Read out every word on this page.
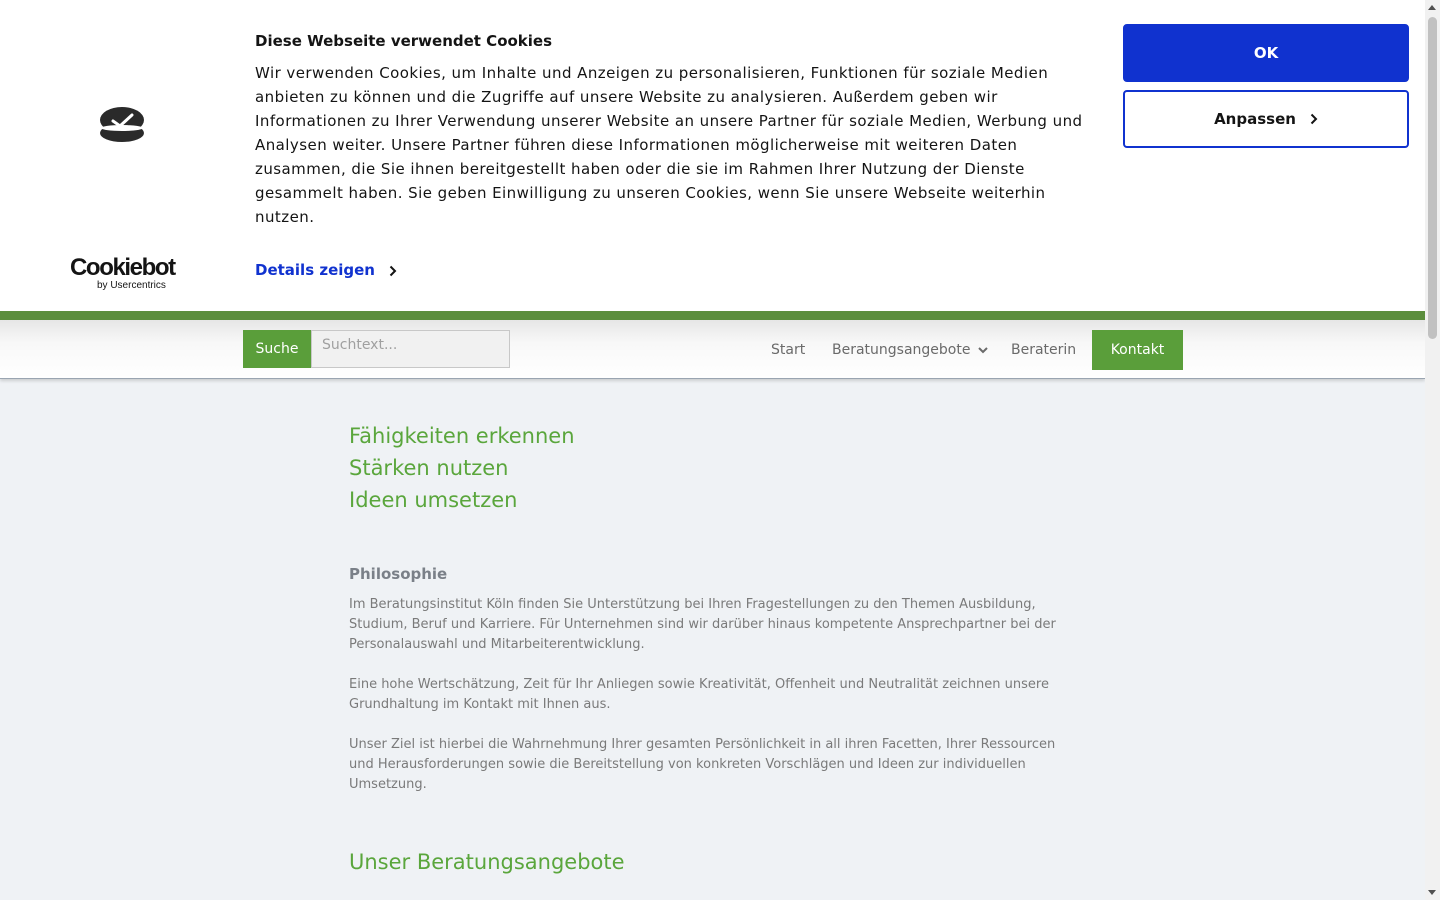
Cookiebot
by Usercentrics
Diese Webseite verwendet Cookies

Wir verwenden Cookies, um Inhalte und Anzeigen zu personalisieren, Funktionen für soziale Medien anbieten zu können und die Zugriffe auf unsere Website zu analysieren. Außerdem geben wir Informationen zu Ihrer Verwendung unserer Website an unsere Partner für soziale Medien, Werbung und Analysen weiter. Unsere Partner führen diese Informationen möglicherweise mit weiteren Daten zusammen, die Sie ihnen bereitgestellt haben oder die sie im Rahmen Ihrer Nutzung der Dienste gesammelt haben. Sie geben Einwilligung zu unseren Cookies, wenn Sie unsere Webseite weiterhin nutzen.

Details zeigen
OK
Anpassen
Suche
Suchtext...	Start Beratungsangebote	Beraterin	Kontakt
Fähigkeiten erkennen
Stärken nutzen
Ideen umsetzen
Philosophie

Im Beratungsinstitut Köln finden Sie Unterstützung bei Ihren Fragestellungen zu den Themen Ausbildung, Studium, Beruf und Karriere. Für Unternehmen sind wir darüber hinaus kompetente Ansprechpartner bei der Personalauswahl und Mitarbeiterentwicklung.

Eine hohe Wertschätzung, Zeit für Ihr Anliegen sowie Kreativität, Offenheit und Neutralität zeichnen unsere Grundhaltung im Kontakt mit Ihnen aus.

Unser Ziel ist hierbei die Wahrnehmung Ihrer gesamten Persönlichkeit in all ihren Facetten, Ihrer Ressourcen und Herausforderungen sowie die Bereitstellung von konkreten Vorschlägen und Ideen zur individuellen Umsetzung.

Unser Beratungsangebote
